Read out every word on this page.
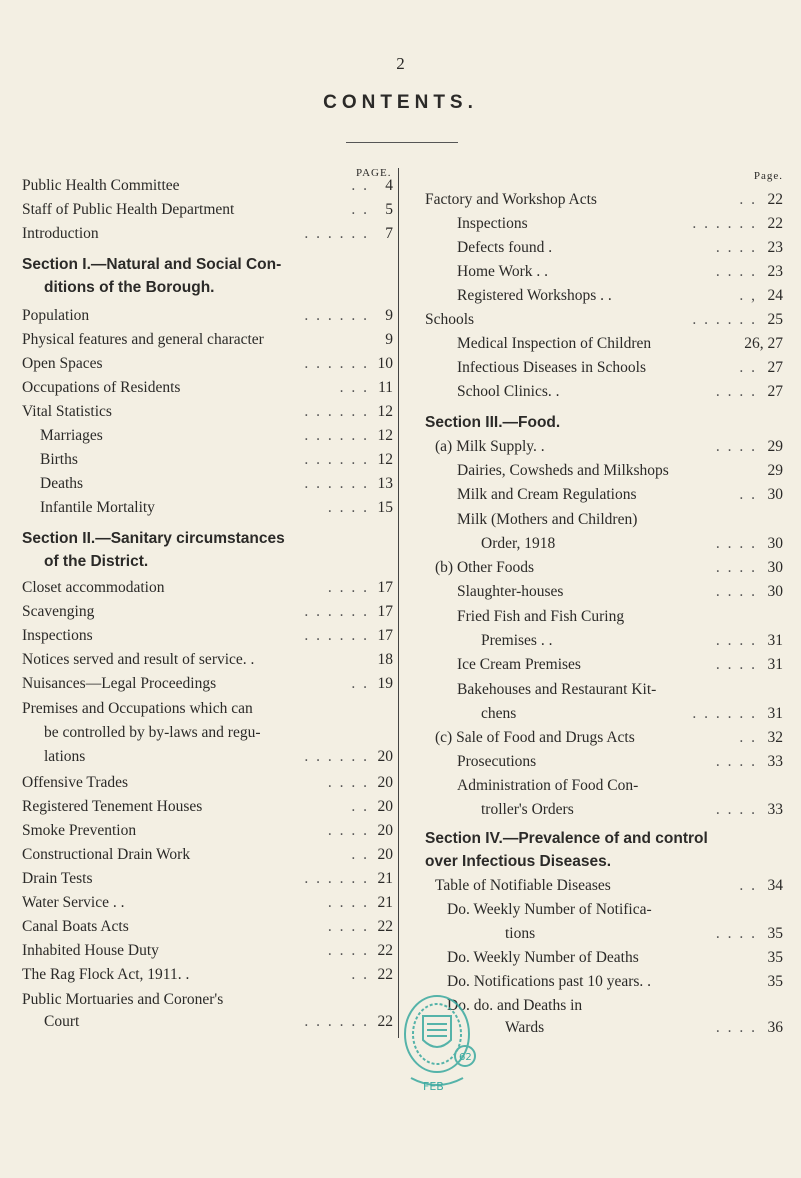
2
CONTENTS.
PAGE.
Public Health Committee	. . 4
Staff of Public Health Department	. . 5
Introduction	. . . . . . 7
Section I.—Natural and Social Con-
ditions of the Borough.
Population	. . . . . . 9
Physical features and general character	9
Open Spaces	. . . . . . 10
Occupations of Residents	. . . 11
Vital Statistics	. . . . . . 12
Marriages	. . . . . . 12
Births	. . . . . . 12
Deaths	. . . . . . 13
Infantile Mortality	. . . . 15
Section II.—Sanitary circumstances
of the District.
Closet accommodation	. . . . 17
Scavenging	. . . . . . 17
Inspections	. . . . . . 17
Notices served and result of service. .	18
Nuisances—Legal Proceedings	. . 19
Premises and Occupations which can
be controlled by by-laws and regu-
lations	. . . . . . 20
Offensive Trades	. . . . 20
Registered Tenement Houses	. . 20
Smoke Prevention	. . . . 20
Constructional Drain Work	. . 20
Drain Tests	. . . . . . 21
Water Service . .	. . . . 21
Canal Boats Acts	. . . . 22
Inhabited House Duty	. . . . 22
The Rag Flock Act, 1911. .	. . 22
Public Mortuaries and Coroner's
Court	. . . . . . 22
Page.
Factory and Workshop Acts	. . 22
Inspections	. . . . . . 22
Defects found .	. . . . 23
Home Work . .	. . . . 23
Registered Workshops . .	. , 24
Schools	. . . . . . 25
Medical Inspection of Children	26, 27
Infectious Diseases in Schools	. . 27
School Clinics. .	. . . . 27
Section III.—Food.
(a) Milk Supply. .	. . . . 29
Dairies, Cowsheds and Milkshops	29
Milk and Cream Regulations	. . 30
Milk (Mothers and Children)
Order, 1918	. . . . 30
(b) Other Foods	. . . . 30
Slaughter-houses	. . . . 30
Fried Fish and Fish Curing
Premises . .	. . . . 31
Ice Cream Premises	. . . . 31
Bakehouses and Restaurant Kit-
chens	. . . . . . 31
(c) Sale of Food and Drugs Acts	. . 32
Prosecutions	. . . . 33
Administration of Food Con-
troller's Orders	. . . . 33
Section IV.—Prevalence of and control
over Infectious Diseases.
Table of Notifiable Diseases	. . 34
Do. Weekly Number of Notifica-
tions	. . . . 35
Do. Weekly Number of Deaths	35
Do. Notifications past 10 years. .	35
Do. do. and Deaths in
Wards	. . . . 36
62
FEB
